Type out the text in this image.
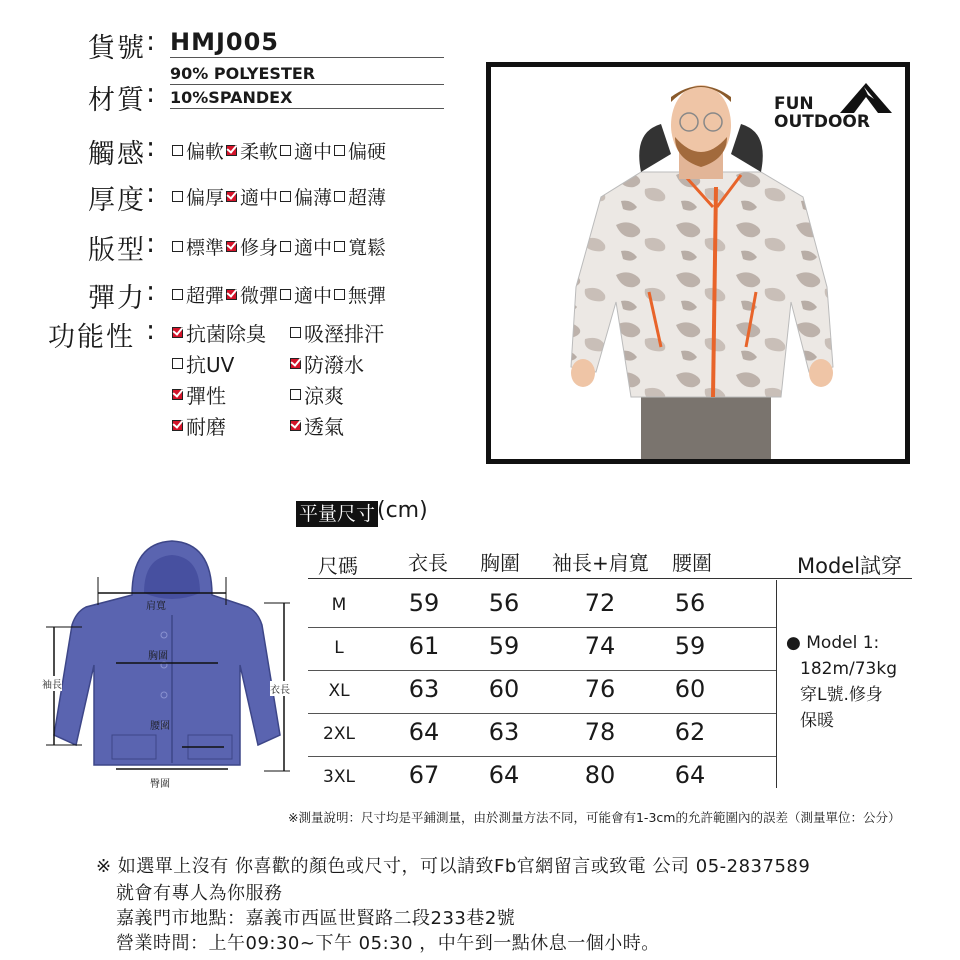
貨號 : HMJ005
材質 :
90% POLYESTER
10%SPANDEX
觸感 : 偏軟 柔軟 適中 偏硬
厚度 : 偏厚 適中 偏薄 超薄
版型 : 標準 修身 適中 寬鬆
彈力 : 超彈 微彈 適中 無彈
功能性 : 抗菌除臭 吸溼排汗
抗UV	防潑水
彈性	涼爽
耐磨	透氣
FUN
OUTDOOR
肩寬
胸圍
袖長	衣長
腰圍
臀圍
平量尺寸 (cm)
尺碼	衣長 胸圍 袖長+肩寬 腰圍	Model試穿
M	59	56	72	56
L	61	59	74	59
XL	63	60	76	60
2XL	64	63	78	62
3XL	67	64	80	64
● Model 1:
182m/73kg
穿L號.修身
保暖
※測量說明：尺寸均是平鋪測量，由於測量方法不同，可能會有1-3cm的允許範圍內的誤差（測量單位：公分）
※ 如選單上沒有 你喜歡的顏色或尺寸，可以請致Fb官網留言或致電 公司 05-2837589
就會有專人為你服務
嘉義門市地點：嘉義市西區世賢路二段233巷2號
營業時間：上午09:30~下午 05:30 ，中午到一點休息一個小時。
